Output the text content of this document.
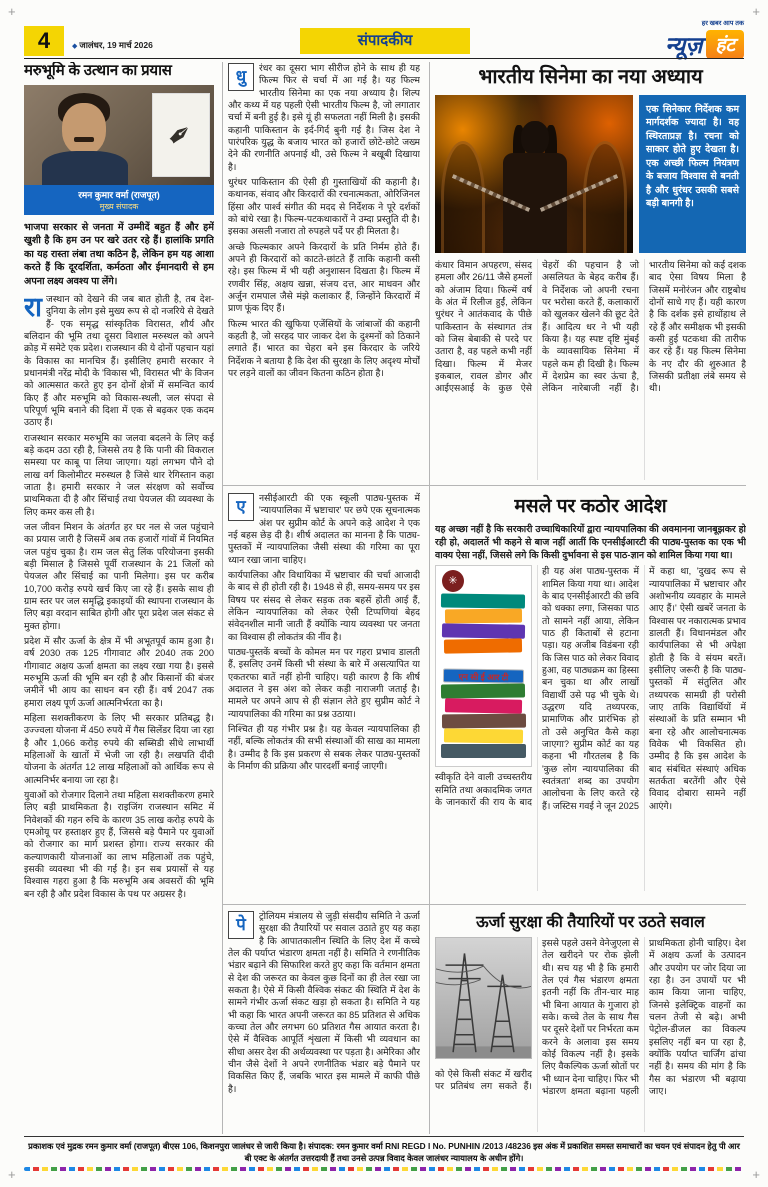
+	+
+	+
4	◆ जालंधर, 19 मार्च 2026	संपादकीय
हर खबर आप तक
न्यूज़ हंट
मरुभूमि के उत्थान का प्रयास
✒
रमन कुमार वर्मा (राजपूत)
मुख्य संपादक
भाजपा सरकार से जनता में उम्मीदें बहुत हैं और हमें खुशी है कि हम उन पर खरे उतर रहे हैं। हालांकि प्रगति का यह रास्ता लंबा तथा कठिन है, लेकिन हम यह आशा करते हैं कि दूरदर्शिता, कर्मठता और ईमानदारी से हम अपना लक्ष्य अवश्य पा लेंगे।

राजस्थान को देखने की जब बात होती है, तब देश-दुनिया के लोग इसे मुख्य रूप से दो नजरिये से देखते हैं- एक समृद्ध सांस्कृतिक विरासत, शौर्य और बलिदान की भूमि तथा दूसरा विशाल मरुस्थल को अपने क्रोड़ में समेटे एक प्रदेश। राजस्थान की ये दोनों पहचान यहां के विकास का मानचित्र हैं। इसीलिए हमारी सरकार ने प्रधानमंत्री नरेंद्र मोदी के 'विकास भी, विरासत भी' के विजन को आत्मसात करते हुए इन दोनों क्षेत्रों में समन्वित कार्य किए हैं और मरुभूमि को विकास-स्थली, जल संपदा से परिपूर्ण भूमि बनाने की दिशा में एक से बढ़कर एक कदम उठाए हैं।

राजस्थान सरकार मरुभूमि का जलवा बदलने के लिए कई बड़े कदम उठा रही है, जिससे तय है कि पानी की विकराल समस्या पर काबू पा लिया जाएगा। यहां लगभग पौने दो लाख वर्ग किलोमीटर मरुस्थल है जिसे थार रेगिस्तान कहा जाता है। हमारी सरकार ने जल संरक्षण को सर्वोच्च प्राथमिकता दी है और सिंचाई तथा पेयजल की व्यवस्था के लिए कमर कस ली है।

जल जीवन मिशन के अंतर्गत हर घर नल से जल पहुंचाने का प्रयास जारी है जिसमें अब तक हजारों गांवों में नियमित जल पहुंच चुका है। राम जल सेतु लिंक परियोजना इसकी बड़ी मिसाल है जिससे पूर्वी राजस्थान के 21 जिलों को पेयजल और सिंचाई का पानी मिलेगा। इस पर करीब 10,700 करोड़ रुपये खर्च किए जा रहे हैं। इसके साथ ही ग्राम स्तर पर जल समृद्धि इकाइयों की स्थापना राजस्थान के लिए बड़ा वरदान साबित होगी और पूरा प्रदेश जल संकट से मुक्त होगा।

प्रदेश में सौर ऊर्जा के क्षेत्र में भी अभूतपूर्व काम हुआ है। वर्ष 2030 तक 125 गीगावाट और 2040 तक 200 गीगावाट अक्षय ऊर्जा क्षमता का लक्ष्य रखा गया है। इससे मरुभूमि ऊर्जा की भूमि बन रही है और किसानों की बंजर जमीनें भी आय का साधन बन रही हैं। वर्ष 2047 तक हमारा लक्ष्य पूर्ण ऊर्जा आत्मनिर्भरता का है।

महिला सशक्तीकरण के लिए भी सरकार प्रतिबद्ध है। उज्ज्वला योजना में 450 रुपये में गैस सिलेंडर दिया जा रहा है और 1,066 करोड़ रुपये की सब्सिडी सीधे लाभार्थी महिलाओं के खातों में भेजी जा रही है। लखपति दीदी योजना के अंतर्गत 12 लाख महिलाओं को आर्थिक रूप से आत्मनिर्भर बनाया जा रहा है।

युवाओं को रोजगार दिलाने तथा महिला सशक्तीकरण हमारे लिए बड़ी प्राथमिकता है। राइजिंग राजस्थान समिट में निवेशकों की गहन रुचि के कारण 35 लाख करोड़ रुपये के एमओयू पर हस्ताक्षर हुए हैं, जिससे बड़े पैमाने पर युवाओं को रोजगार का मार्ग प्रशस्त होगा। राज्य सरकार की कल्याणकारी योजनाओं का लाभ महिलाओं तक पहुंचे, इसकी व्यवस्था भी की गई है। इन सब प्रयासों से यह विश्वास गहरा हुआ है कि मरुभूमि अब अवसरों की भूमि बन रही है और प्रदेश विकास के पथ पर अग्रसर है।

धु	रंधर का दूसरा भाग सीरीज होने के साथ ही यह फिल्म फिर से चर्चा में आ गई है। यह फिल्म भारतीय सिनेमा का एक नया अध्याय है। शिल्प और कथ्य में यह पहली ऐसी भारतीय फिल्म है, जो लगातार चर्चा में बनी हुई है। इसे यूं ही सफलता नहीं मिली है। इसकी कहानी पाकिस्तान के इर्द-गिर्द बुनी गई है। जिस देश ने पारंपरिक युद्ध के बजाय भारत को हजारों छोटे-छोटे जख्म देने की रणनीति अपनाई थी, उसे फिल्म ने बखूबी दिखाया है।

धुरंधर पाकिस्तान की ऐसी ही गुस्ताखियों की कहानी है। कथानक, संवाद और किरदारों की रचनात्मकता, ओरिजिनल हिंसा और पार्श्व संगीत की मदद से निर्देशक ने पूरे दर्शकों को बांधे रखा है। फिल्म-पटकथाकारों ने उम्दा प्रस्तुति दी है। इसका असली नजारा तो रुपहले पर्दे पर ही मिलता है।

अच्छे फिल्मकार अपने किरदारों के प्रति निर्मम होते हैं। अपने ही किरदारों को काटते-छांटते हैं ताकि कहानी कसी रहे। इस फिल्म में भी यही अनुशासन दिखता है। फिल्म में रणवीर सिंह, अक्षय खन्ना, संजय दत्त, आर माधवन और अर्जुन रामपाल जैसे मंझे कलाकार हैं, जिन्होंने किरदारों में प्राण फूंक दिए हैं।

फिल्म भारत की खुफिया एजेंसियों के जांबाजों की कहानी कहती है, जो सरहद पार जाकर देश के दुश्मनों को ठिकाने लगाते हैं। भारत का चेहरा बने इस किरदार के जरिये निर्देशक ने बताया है कि देश की सुरक्षा के लिए अदृश्य मोर्चों पर लड़ने वालों का जीवन कितना कठिन होता है।

ए	नसीईआरटी की एक स्कूली पाठ्य-पुस्तक में 'न्यायपालिका में भ्रष्टाचार' पर छपे एक सूचनात्मक अंश पर सुप्रीम कोर्ट के अपने कड़े आदेश ने एक नई बहस छेड़ दी है। शीर्ष अदालत का मानना है कि पाठ्य-पुस्तकों में न्यायपालिका जैसी संस्था की गरिमा का पूरा ध्यान रखा जाना चाहिए।

कार्यपालिका और विधायिका में भ्रष्टाचार की चर्चा आजादी के बाद से ही होती रही है। 1948 से ही, समय-समय पर इस विषय पर संसद से लेकर सड़क तक बहसें होती आई हैं, लेकिन न्यायपालिका को लेकर ऐसी टिप्पणियां बेहद संवेदनशील मानी जाती हैं क्योंकि न्याय व्यवस्था पर जनता का विश्वास ही लोकतंत्र की नींव है।

पाठ्य-पुस्तकें बच्चों के कोमल मन पर गहरा प्रभाव डालती हैं, इसलिए उनमें किसी भी संस्था के बारे में असत्यापित या एकतरफा बातें नहीं होनी चाहिए। यही कारण है कि शीर्ष अदालत ने इस अंश को लेकर कड़ी नाराजगी जताई है। मामले पर अपने आप से ही संज्ञान लेते हुए सुप्रीम कोर्ट ने न्यायपालिका की गरिमा का प्रश्न उठाया।

निश्चित ही यह गंभीर प्रश्न है। यह केवल न्यायपालिका ही नहीं, बल्कि लोकतंत्र की सभी संस्थाओं की साख का मामला है। उम्मीद है कि इस प्रकरण से सबक लेकर पाठ्य-पुस्तकों के निर्माण की प्रक्रिया और पारदर्शी बनाई जाएगी।

पे	ट्रोलियम मंत्रालय से जुड़ी संसदीय समिति ने ऊर्जा सुरक्षा की तैयारियों पर सवाल उठाते हुए यह कहा है कि आपातकालीन स्थिति के लिए देश में कच्चे तेल की पर्याप्त भंडारण क्षमता नहीं है। समिति ने रणनीतिक भंडार बढ़ाने की सिफारिश करते हुए कहा कि वर्तमान क्षमता से देश की जरूरत का केवल कुछ दिनों का ही तेल रखा जा सकता है। ऐसे में किसी वैश्विक संकट की स्थिति में देश के सामने गंभीर ऊर्जा संकट खड़ा हो सकता है। समिति ने यह भी कहा कि भारत अपनी जरूरत का 85 प्रतिशत से अधिक कच्चा तेल और लगभग 60 प्रतिशत गैस आयात करता है। ऐसे में वैश्विक आपूर्ति शृंखला में किसी भी व्यवधान का सीधा असर देश की अर्थव्यवस्था पर पड़ता है। अमेरिका और चीन जैसे देशों ने अपने रणनीतिक भंडार बड़े पैमाने पर विकसित किए हैं, जबकि भारत इस मामले में काफी पीछे है।

भारतीय सिनेमा का नया अध्याय
एक सिनेकार निर्देशक कम मार्गदर्शक ज्यादा है। वह स्थिरताप्रज्ञ है। रचना को साकार होते हुए देखता है। एक अच्छी फिल्म नियंत्रण के बजाय विश्वास से बनती है और धुरंधर उसकी सबसे बड़ी बानगी है।

कंधार विमान अपहरण, संसद हमला और 26/11 जैसे हमलों को अंजाम दिया। फिल्में वर्ष के अंत में रिलीज हुईं, लेकिन धुरंधर ने आतंकवाद के पीछे पाकिस्तान के संस्थागत तंत्र को जिस बेबाकी से परदे पर उतारा है, वह पहले कभी नहीं दिखा। फिल्म में मेजर इकबाल, रावल डोगर और आईएसआई के कुछ ऐसे चेहरों की पहचान है जो असलियत के बेहद करीब हैं। वे निर्देशक जो अपनी रचना पर भरोसा करते हैं, कलाकारों को खुलकर खेलने की छूट देते हैं। आदित्य धर ने भी यही किया है। यह स्पष्ट दृष्टि मुंबई के व्यावसायिक सिनेमा में पहले कम ही दिखी है। फिल्म में देशप्रेम का स्वर ऊंचा है, लेकिन नारेबाजी नहीं है। भारतीय सिनेमा को कई दशक बाद ऐसा विषय मिला है जिसमें मनोरंजन और राष्ट्रबोध दोनों साधे गए हैं। यही कारण है कि दर्शक इसे हाथोंहाथ ले रहे हैं और समीक्षक भी इसकी कसी हुई पटकथा की तारीफ कर रहे हैं। यह फिल्म सिनेमा के नए दौर की शुरुआत है जिसकी प्रतीक्षा लंबे समय से थी।

मसले पर कठोर आदेश
यह अच्छा नहीं है कि सरकारी उच्चाधिकारियों द्वारा न्यायपालिका की अवमानना जानबूझकर हो रही हो, अदालतें भी कहने से बाज नहीं आतीं कि एनसीईआरटी की पाठ्य-पुस्तक का एक भी वाक्य ऐसा नहीं, जिससे लगे कि किसी दुर्भावना से इस पाठ-ज्ञान को शामिल किया गया था।
✳
एन सी ई आर टी

स्वीकृति देने वाली उच्चस्तरीय समिति तथा अकादमिक जगत के जानकारों की राय के बाद ही यह अंश पाठ्य-पुस्तक में शामिल किया गया था। आदेश के बाद एनसीईआरटी की छवि को धक्का लगा, जिसका पाठ तो सामने नहीं आया, लेकिन पाठ ही किताबों से हटाना पड़ा। यह अजीब विडंबना रही कि जिस पाठ को लेकर विवाद हुआ, वह पाठ्यक्रम का हिस्सा बन चुका था और लाखों विद्यार्थी उसे पढ़ भी चुके थे। उद्धरण यदि तथ्यपरक, प्रामाणिक और प्रारंभिक हो तो उसे अनुचित कैसे कहा जाएगा? सुप्रीम कोर्ट का यह कहना भी गौरतलब है कि 'कुछ लोग न्यायपालिका की स्वतंत्रता' शब्द का उपयोग आलोचना के लिए करते रहे हैं। जस्टिस गवई ने जून 2025 में कहा था, 'दुखद रूप से न्यायपालिका में भ्रष्टाचार और अशोभनीय व्यवहार के मामले आए हैं।' ऐसी खबरें जनता के विश्वास पर नकारात्मक प्रभाव डालती हैं। विधानमंडल और कार्यपालिका से भी अपेक्षा होती है कि वे संयम बरतें। इसीलिए जरूरी है कि पाठ्य-पुस्तकों में संतुलित और तथ्यपरक सामग्री ही परोसी जाए ताकि विद्यार्थियों में संस्थाओं के प्रति सम्मान भी बना रहे और आलोचनात्मक विवेक भी विकसित हो। उम्मीद है कि इस आदेश के बाद संबंधित संस्थाएं अधिक सतर्कता बरतेंगी और ऐसे विवाद दोबारा सामने नहीं आएंगे।

ऊर्जा सुरक्षा की तैयारियों पर उठते सवाल

को ऐसे किसी संकट में खरीद पर प्रतिबंध लग सकते हैं। इससे पहले उसने वेनेजुएला से तेल खरीदने पर रोक झेली थी। सच यह भी है कि हमारी तेल एवं गैस भंडारण क्षमता इतनी नहीं कि तीन-चार माह भी बिना आयात के गुजारा हो सके। कच्चे तेल के साथ गैस पर दूसरे देशों पर निर्भरता कम करने के अलावा इस समय कोई विकल्प नहीं है। इसके लिए वैकल्पिक ऊर्जा स्रोतों पर भी ध्यान देना चाहिए। फिर भी भंडारण क्षमता बढ़ाना पहली प्राथमिकता होनी चाहिए। देश में अक्षय ऊर्जा के उत्पादन और उपयोग पर जोर दिया जा रहा है। उन उपायों पर भी काम किया जाना चाहिए, जिनसे इलेक्ट्रिक वाहनों का चलन तेजी से बढ़े। अभी पेट्रोल-डीजल का विकल्प इसलिए नहीं बन पा रहा है, क्योंकि पर्याप्त चार्जिंग ढांचा नहीं है। समय की मांग है कि गैस का भंडारण भी बढ़ाया जाए।

प्रकाशक एवं मुद्रक रमन कुमार वर्मा (राजपूत) बीएस 106, किशनपुरा जालंधर से जारी किया है। संपादक: रमन कुमार वर्मा RNI REGD I No. PUNHIN /2013 /48236 इस अंक में प्रकाशित समस्त समाचारों का चयन एवं संपादन हेतु पी आर बी एक्ट के अंतर्गत उत्तरदायी हैं तथा उनसे उत्पन्न विवाद केवल जालंधर न्यायालय के अधीन होंगे।
